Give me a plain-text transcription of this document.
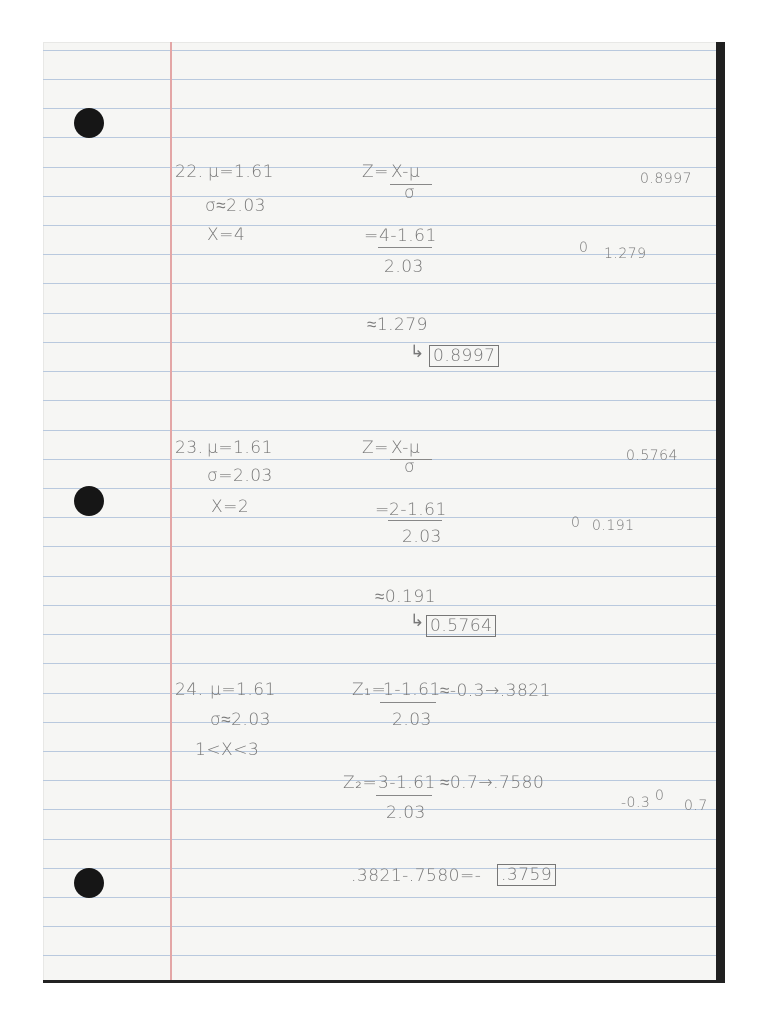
22. μ=1.61
σ≈2.03
X=4
Z= X-μ
σ
= 4-1.61
2.03
≈1.279
↳ 0.8997
0.8997
0 1.279
23. μ=1.61
σ=2.03
X=2
Z= X-μ
σ
= 2-1.61
2.03
≈0.191
↳ 0.5764
0.5764
0 0.191
24. μ=1.61
σ≈2.03
1<X<3
Z₁=
1-1.61
2.03
≈-0.3→.3821
Z₂= 3-1.61
2.03
≈0.7→.7580
.3821-.7580=- .3759
-0.3 0
0.7
